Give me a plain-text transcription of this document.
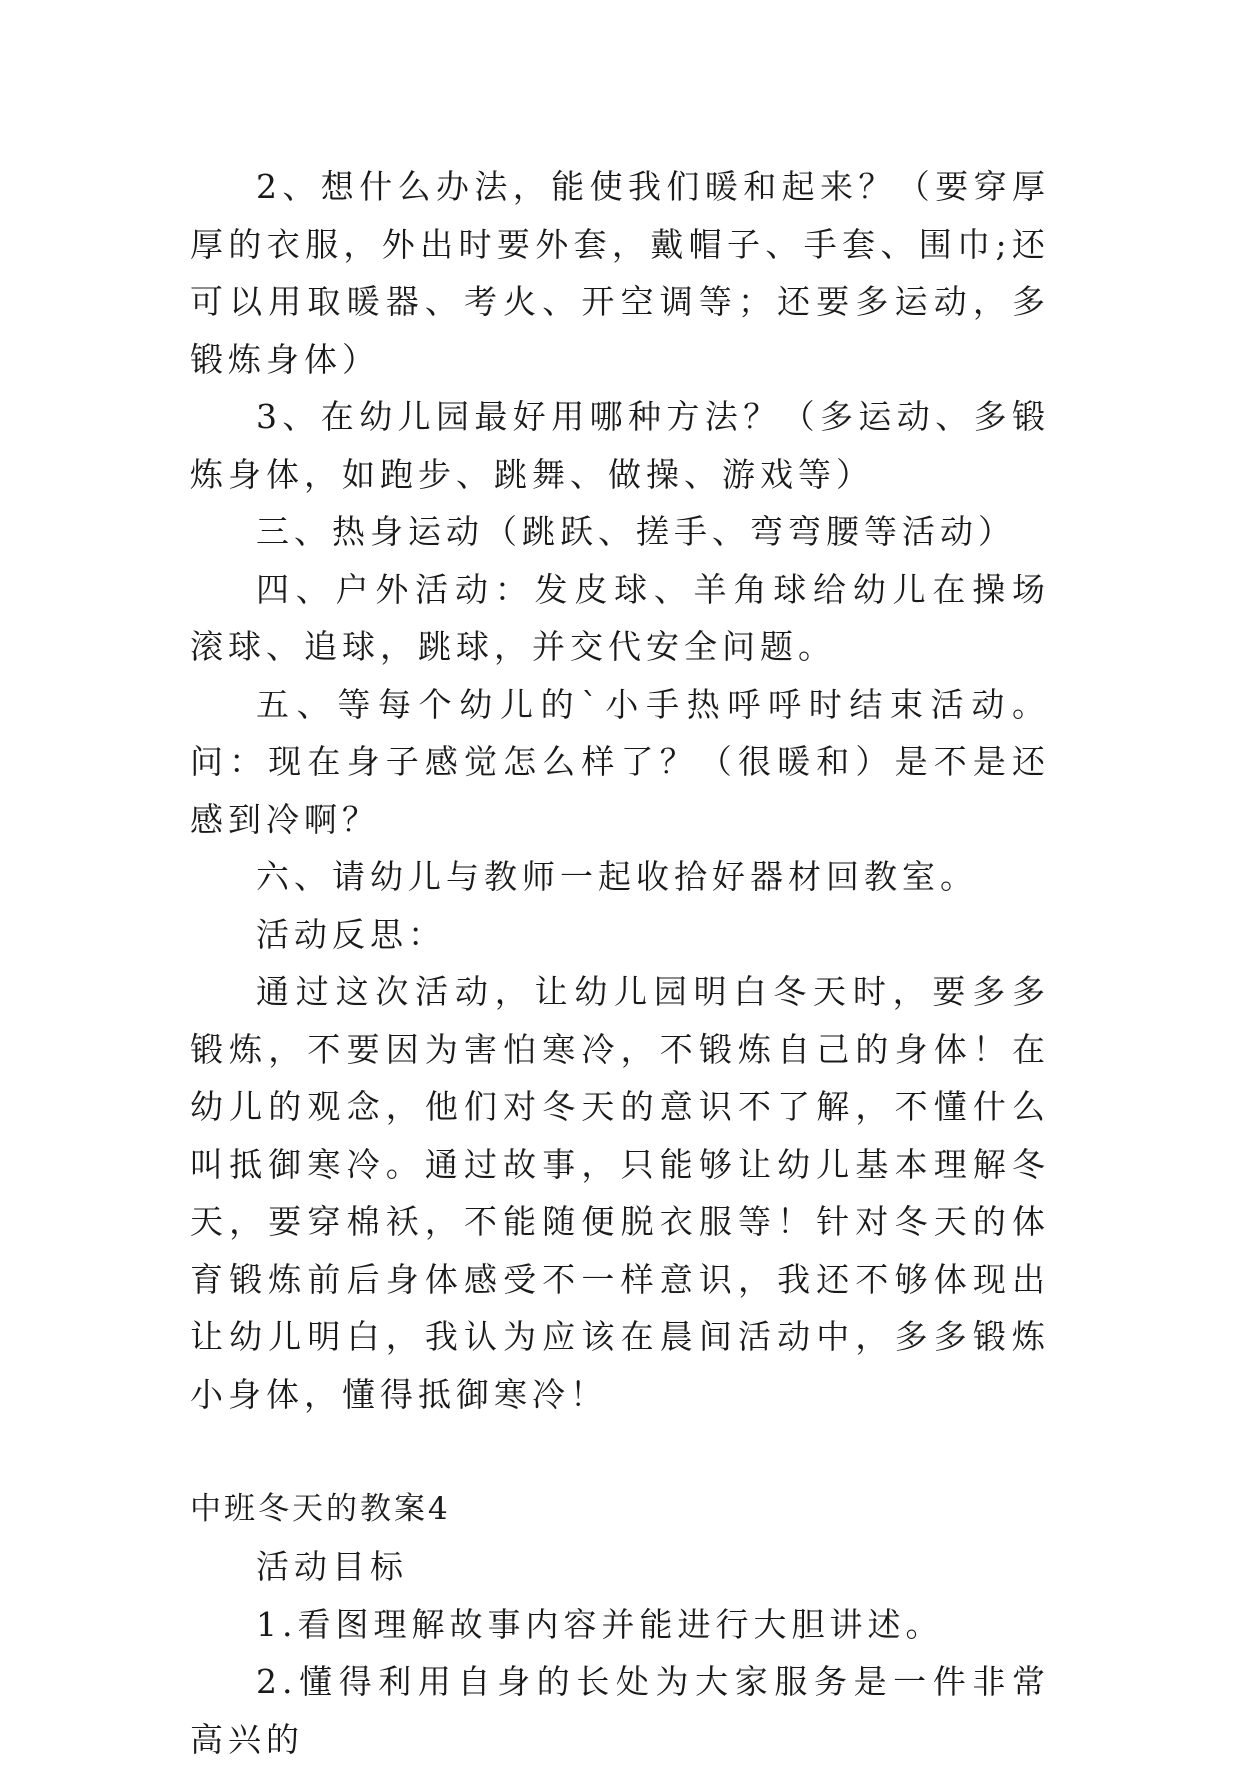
2、想什么办法，能使我们暖和起来？（要穿厚厚的衣服，外出时要外套，戴帽子、手套、围巾;还可以用取暖器、考火、开空调等；还要多运动，多锻炼身体）

3、在幼儿园最好用哪种方法？（多运动、多锻炼身体，如跑步、跳舞、做操、游戏等）

三、热身运动（跳跃、搓手、弯弯腰等活动）

四、户外活动：发皮球、羊角球给幼儿在操场滚球、追球，跳球，并交代安全问题。

五、等每个幼儿的`小手热呼呼时结束活动。问：现在身子感觉怎么样了？（很暖和）是不是还感到冷啊？

六、请幼儿与教师一起收拾好器材回教室。

活动反思：

通过这次活动，让幼儿园明白冬天时，要多多锻炼，不要因为害怕寒冷，不锻炼自己的身体！在幼儿的观念，他们对冬天的意识不了解，不懂什么叫抵御寒冷。通过故事，只能够让幼儿基本理解冬天，要穿棉袄，不能随便脱衣服等！针对冬天的体育锻炼前后身体感受不一样意识，我还不够体现出让幼儿明白，我认为应该在晨间活动中，多多锻炼小身体，懂得抵御寒冷！

中班冬天的教案4

活动目标

1.看图理解故事内容并能进行大胆讲述。

2.懂得利用自身的长处为大家服务是一件非常高兴的
